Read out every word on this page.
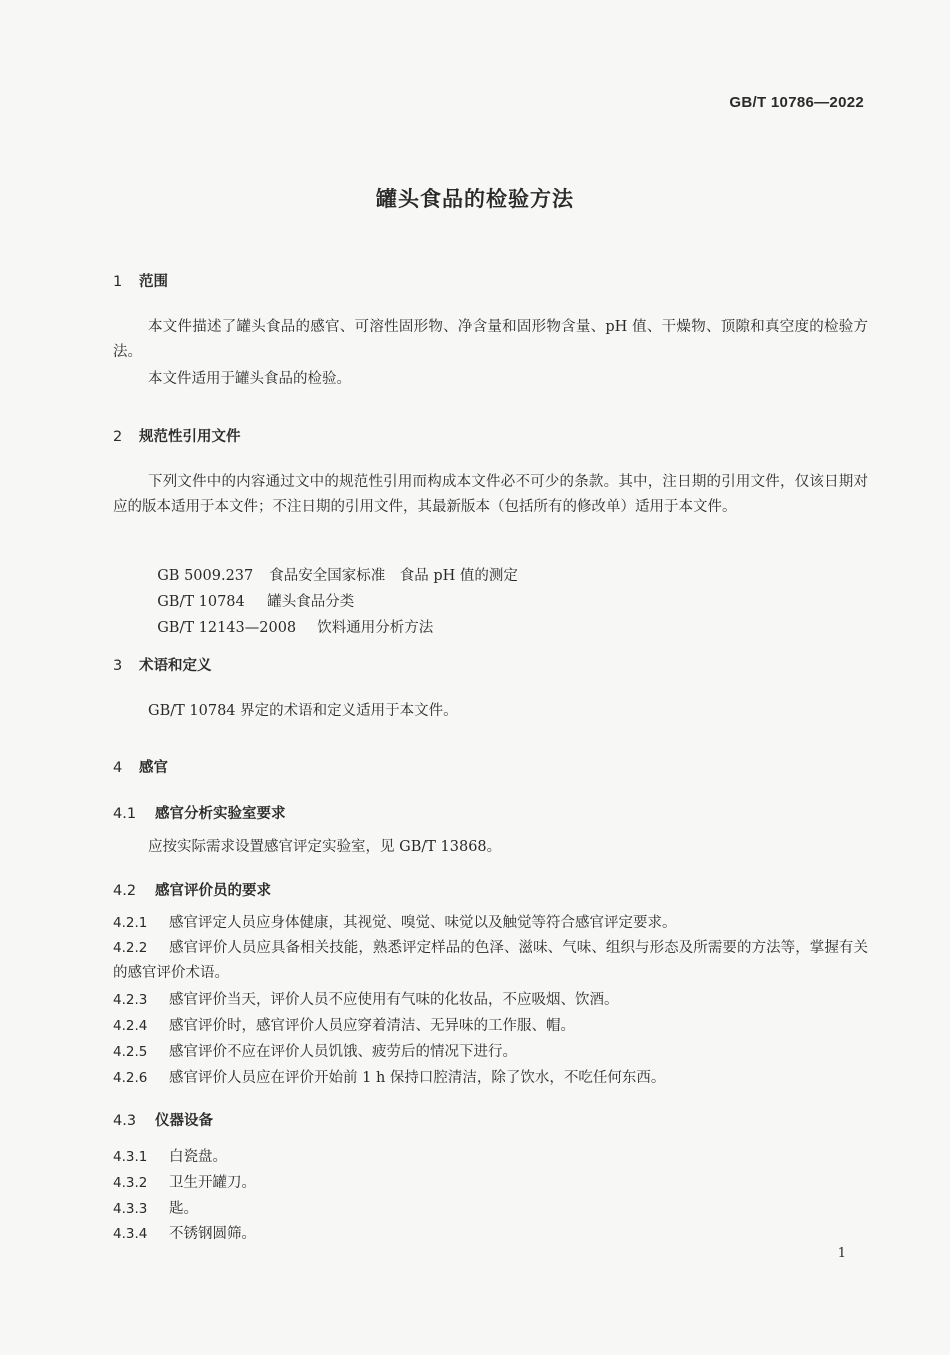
GB/T 10786—2022
罐头食品的检验方法
1 范围
本文件描述了罐头食品的感官、可溶性固形物、净含量和固形物含量、pH 值、干燥物、顶隙和真空度的检验方法。
本文件适用于罐头食品的检验。
2 规范性引用文件
下列文件中的内容通过文中的规范性引用而构成本文件必不可少的条款。其中，注日期的引用文件，仅该日期对应的版本适用于本文件；不注日期的引用文件，其最新版本（包括所有的修改单）适用于本文件。

GB 5009.237 食品安全国家标准　食品 pH 值的测定

GB/T 10784 罐头食品分类

GB/T 12143—2008 饮料通用分析方法

3 术语和定义
GB/T 10784 界定的术语和定义适用于本文件。
4 感官
4.1 感官分析实验室要求
应按实际需求设置感官评定实验室，见 GB/T 13868。
4.2 感官评价员的要求
4.2.1 感官评定人员应身体健康，其视觉、嗅觉、味觉以及触觉等符合感官评定要求。
4.2.2 感官评价人员应具备相关技能，熟悉评定样品的色泽、滋味、气味、组织与形态及所需要的方法等，掌握有关的感官评价术语。
4.2.3 感官评价当天，评价人员不应使用有气味的化妆品，不应吸烟、饮酒。
4.2.4 感官评价时，感官评价人员应穿着清洁、无异味的工作服、帽。
4.2.5 感官评价不应在评价人员饥饿、疲劳后的情况下进行。
4.2.6 感官评价人员应在评价开始前 1 h 保持口腔清洁，除了饮水，不吃任何东西。
4.3 仪器设备
4.3.1 白瓷盘。
4.3.2 卫生开罐刀。
4.3.3 匙。
4.3.4 不锈钢圆筛。
1
